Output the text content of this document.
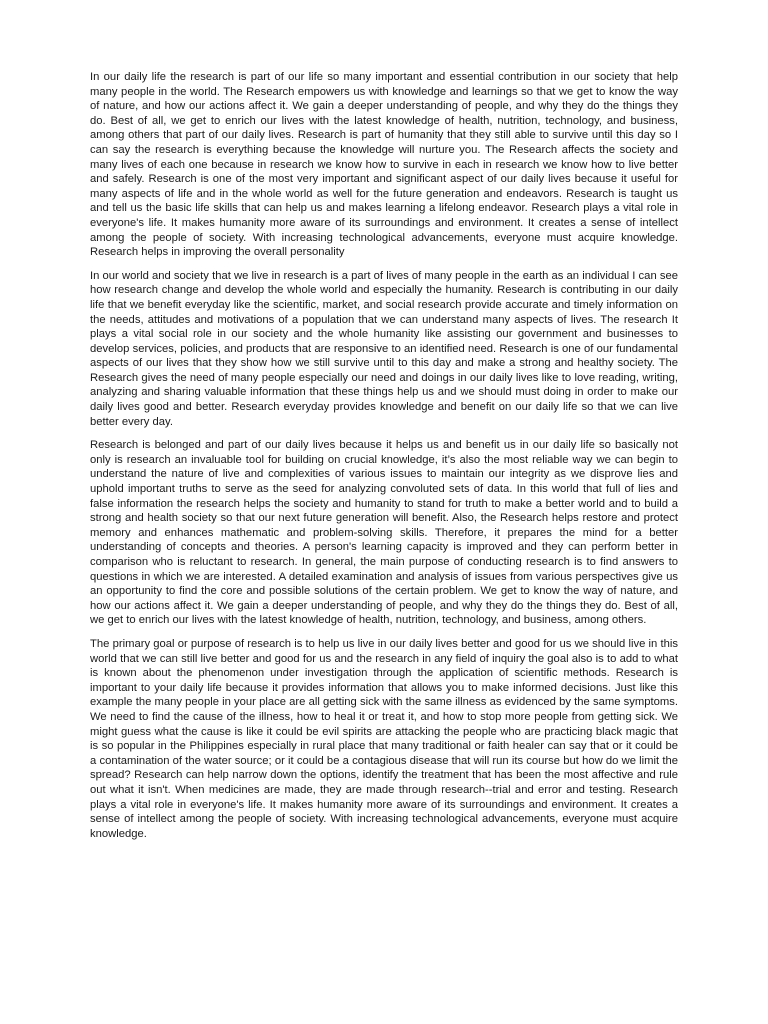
In our daily life the research is part of our life so many important and essential contribution in our society that help many people in the world. The Research empowers us with knowledge and learnings so that we get to know the way of nature, and how our actions affect it. We gain a deeper understanding of people, and why they do the things they do. Best of all, we get to enrich our lives with the latest knowledge of health, nutrition, technology, and business, among others that part of our daily lives. Research is part of humanity that they still able to survive until this day so I can say the research is everything because the knowledge will nurture you. The Research affects the society and many lives of each one because in research we know how to survive in each in research we know how to live better and safely. Research is one of the most very important and significant aspect of our daily lives because it useful for many aspects of life and in the whole world as well for the future generation and endeavors. Research is taught us and tell us the basic life skills that can help us and makes learning a lifelong endeavor. Research plays a vital role in everyone's life. It makes humanity more aware of its surroundings and environment. It creates a sense of intellect among the people of society. With increasing technological advancements, everyone must acquire knowledge. Research helps in improving the overall personality

In our world and society that we live in research is a part of lives of many people in the earth as an individual I can see how research change and develop the whole world and especially the humanity. Research is contributing in our daily life that we benefit everyday like the scientific, market, and social research provide accurate and timely information on the needs, attitudes and motivations of a population that we can understand many aspects of lives. The research It plays a vital social role in our society and the whole humanity like assisting our government and businesses to develop services, policies, and products that are responsive to an identified need. Research is one of our fundamental aspects of our lives that they show how we still survive until to this day and make a strong and healthy society. The Research gives the need of many people especially our need and doings in our daily lives like to love reading, writing, analyzing and sharing valuable information that these things help us and we should must doing in order to make our daily lives good and better. Research everyday provides knowledge and benefit on our daily life so that we can live better every day.

Research is belonged and part of our daily lives because it helps us and benefit us in our daily life so basically not only is research an invaluable tool for building on crucial knowledge, it’s also the most reliable way we can begin to understand the nature of live and complexities of various issues to maintain our integrity as we disprove lies and uphold important truths to serve as the seed for analyzing convoluted sets of data. In this world that full of lies and false information the research helps the society and humanity to stand for truth to make a better world and to build a strong and health society so that our next future generation will benefit. Also, the Research helps restore and protect memory and enhances mathematic and problem-solving skills. Therefore, it prepares the mind for a better understanding of concepts and theories. A person's learning capacity is improved and they can perform better in comparison who is reluctant to research. In general, the main purpose of conducting research is to find answers to questions in which we are interested. A detailed examination and analysis of issues from various perspectives give us an opportunity to find the core and possible solutions of the certain problem. We get to know the way of nature, and how our actions affect it. We gain a deeper understanding of people, and why they do the things they do. Best of all, we get to enrich our lives with the latest knowledge of health, nutrition, technology, and business, among others.

The primary goal or purpose of research is to help us live in our daily lives better and good for us we should live in this world that we can still live better and good for us and the research in any field of inquiry the goal also is to add to what is known about the phenomenon under investigation through the application of scientific methods. Research is important to your daily life because it provides information that allows you to make informed decisions. Just like this example the many people in your place are all getting sick with the same illness as evidenced by the same symptoms. We need to find the cause of the illness, how to heal it or treat it, and how to stop more people from getting sick. We might guess what the cause is like it could be evil spirits are attacking the people who are practicing black magic that is so popular in the Philippines especially in rural place that many traditional or faith healer can say that or it could be a contamination of the water source; or it could be a contagious disease that will run its course but how do we limit the spread? Research can help narrow down the options, identify the treatment that has been the most affective and rule out what it isn't. When medicines are made, they are made through research--trial and error and testing. Research plays a vital role in everyone's life. It makes humanity more aware of its surroundings and environment. It creates a sense of intellect among the people of society. With increasing technological advancements, everyone must acquire knowledge.
